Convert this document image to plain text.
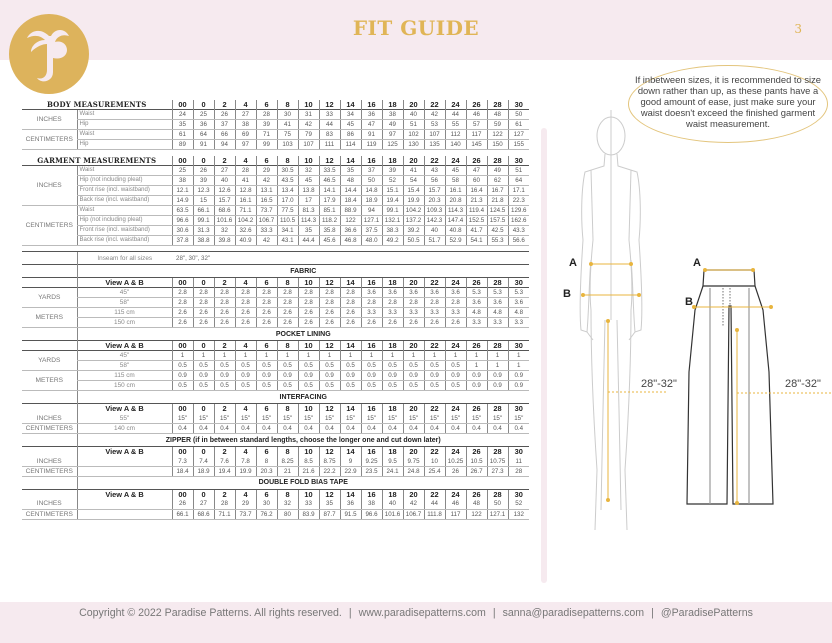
FIT GUIDE	3
BODY MEASUREMENTS		00	0	2	4	6	8	10	12	14	16	18	20	22	24	26	28	30
INCHES	Waist	24	25	26	27	28	30	31	33	34	36	38	40	42	44	46	48	50
	Hip	35	36	37	38	39	41	42	44	45	47	49	51	53	55	57	59	61
CENTIMETERS	Waist	61	64	66	69	71	75	79	83	86	91	97	102	107	112	117	122	127
	Hip	89	91	94	97	99	103	107	111	114	119	125	130	135	140	145	150	155

GARMENT MEASUREMENTS		00	0	2	4	6	8	10	12	14	16	18	20	22	24	26	28	30
INCHES	Waist	25	26	27	28	29	30.5	32	33.5	35	37	39	41	43	45	47	49	51
	Hip (not including pleat)	38	39	40	41	42	43.5	45	46.5	48	50	52	54	56	58	60	62	64
	Front rise (incl. waistband)	12.1	12.3	12.6	12.8	13.1	13.4	13.8	14.1	14.4	14.8	15.1	15.4	15.7	16.1	16.4	16.7	17.1
	Back rise (incl. waistband)	14.9	15	15.7	16.1	16.5	17.0	17	17.9	18.4	18.9	19.4	19.9	20.3	20.8	21.3	21.8	22.3
CENTIMETERS	Waist	63.5	66.1	68.6	71.1	73.7	77.5	81.3	85.1	88.9	94	99.1	104.2	109.3	114.3	119.4	124.5	129.6
	Hip (not including pleat)	96.6	99.1	101.6	104.2	106.7	110.5	114.3	118.2	122	127.1	132.1	137.2	142.3	147.4	152.5	157.5	162.6
	Front rise (incl. waistband)	30.6	31.3	32	32.6	33.3	34.1	35	35.8	36.6	37.5	38.3	39.2	40	40.8	41.7	42.5	43.3
	Back rise (incl. waistband)	37.8	38.8	39.8	40.9	42	43.1	44.4	45.6	46.8	48.0	49.2	50.5	51.7	52.9	54.1	55.3	56.6

	Inseam for all sizes	28", 30", 32"																
	FABRIC																	
	View A & B	00	0	2	4	6	8	10	12	14	16	18	20	22	24	26	28	30
YARDS	45"	2.8	2.8	2.8	2.8	2.8	2.8	2.8	2.8	2.8	3.6	3.6	3.6	3.6	3.6	5.3	5.3	5.3
	58"	2.8	2.8	2.8	2.8	2.8	2.8	2.8	2.8	2.8	2.8	2.8	2.8	2.8	2.8	3.6	3.6	3.6
METERS	115 cm	2.6	2.6	2.6	2.6	2.6	2.6	2.6	2.6	2.6	3.3	3.3	3.3	3.3	3.3	4.8	4.8	4.8
	150 cm	2.6	2.6	2.6	2.6	2.6	2.6	2.6	2.6	2.6	2.6	2.6	2.6	2.6	2.6	3.3	3.3	3.3
	POCKET LINING																	
	View A & B	00	0	2	4	6	8	10	12	14	16	18	20	22	24	26	28	30
YARDS	45"	1	1	1	1	1	1	1	1	1	1	1	1	1	1	1	1	1
	58"	0.5	0.5	0.5	0.5	0.5	0.5	0.5	0.5	0.5	0.5	0.5	0.5	0.5	0.5	1	1	1
METERS	115 cm	0.9	0.9	0.9	0.9	0.9	0.9	0.9	0.9	0.9	0.9	0.9	0.9	0.9	0.9	0.9	0.9	0.9
	150 cm	0.5	0.5	0.5	0.5	0.5	0.5	0.5	0.5	0.5	0.5	0.5	0.5	0.5	0.5	0.9	0.9	0.9
	INTERFACING																	
	View A & B	00	0	2	4	6	8	10	12	14	16	18	20	22	24	26	28	30
INCHES	55"	15"	15"	15"	15"	15"	15"	15"	15"	15"	15"	15"	15"	15"	15"	15"	15"	15"
CENTIMETERS	140 cm	0.4	0.4	0.4	0.4	0.4	0.4	0.4	0.4	0.4	0.4	0.4	0.4	0.4	0.4	0.4	0.4	0.4
	ZIPPER (if in between standard lengths, choose the longer one and cut down later)																	
	View A & B	00	0	2	4	6	8	10	12	14	16	18	20	22	24	26	28	30
INCHES		7.3	7.4	7.6	7.8	8	8.25	8.5	8.75	9	9.25	9.5	9.75	10	10.25	10.5	10.75	11
CENTIMETERS		18.4	18.9	19.4	19.9	20.3	21	21.6	22.2	22.9	23.5	24.1	24.8	25.4	26	26.7	27.3	28
	DOUBLE FOLD BIAS TAPE																	
	View A & B	00	0	2	4	6	8	10	12	14	16	18	20	22	24	26	28	30
INCHES		26	27	28	29	30	32	33	35	36	38	40	42	44	46	48	50	52
CENTIMETERS		66.1	68.6	71.1	73.7	76.2	80	83.9	87.7	91.5	96.6	101.6	106.7	111.8	117	122	127.1	132
If inbetween sizes, it is recommended to size down rather than up, as these pants have a good amount of ease, just make sure your waist doesn't exceed the finished garment waist measurement.
A
B
28"-32"
A
B
28"-32"
Copyright © 2022 Paradise Patterns. All rights reserved. | www.paradisepatterns.com | sanna@paradisepatterns.com | @ParadisePatterns
